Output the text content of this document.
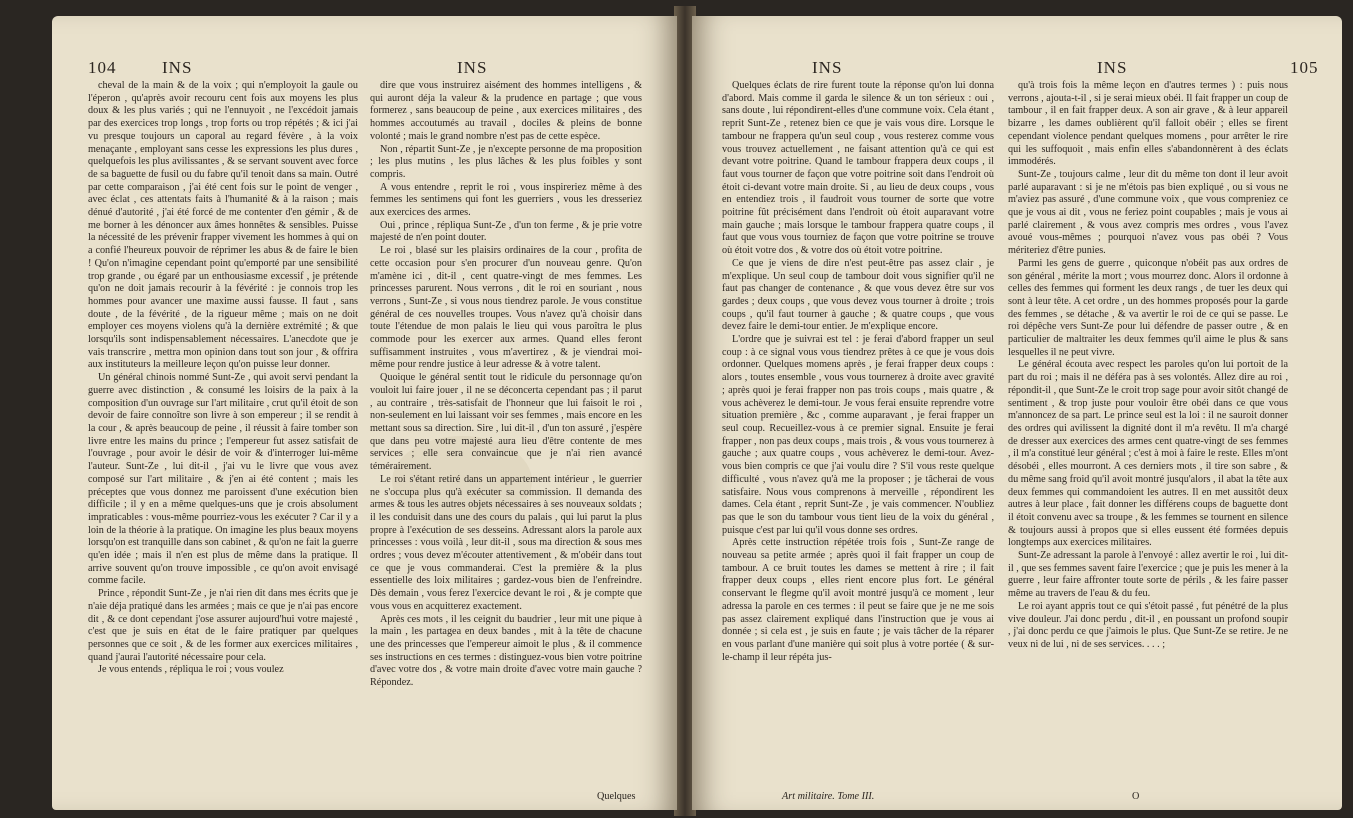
104	INS	INS

cheval de la main & de la voix ; qui n'employoit la gaule ou l'éperon , qu'après avoir recouru cent fois aux moyens les plus doux & les plus variés ; qui ne l'ennuyoit , ne l'excédoit jamais par des exercices trop longs , trop forts ou trop répétés ; & ici j'ai vu presque toujours un caporal au regard févère , à la voix menaçante , employant sans cesse les expressions les plus dures , quelquefois les plus avilissantes , & se servant souvent avec force de sa baguette de fusil ou du fabre qu'il tenoit dans sa main. Outré par cette comparaison , j'ai été cent fois sur le point de venger , avec éclat , ces attentats faits à l'humanité & à la raison ; mais dénué d'autorité , j'ai été forcé de me contenter d'en gémir , & de me borner à les dénoncer aux âmes honnêtes & sensibles. Puisse la nécessité de les prévenir frapper vivement les hommes à qui on a confié l'heureux pouvoir de réprimer les abus & de faire le bien ! Qu'on n'imagine cependant point qu'emporté par une sensibilité trop grande , ou égaré par un enthousiasme excessif , je prétende qu'on ne doit jamais recourir à la févérité : je connois trop les hommes pour avancer une maxime aussi fausse. Il faut , sans doute , de la févérité , de la rigueur même ; mais on ne doit employer ces moyens violens qu'à la dernière extrémité ; & que lorsqu'ils sont indispensablement nécessaires. L'anecdote que je vais transcrire , mettra mon opinion dans tout son jour , & offrira aux instituteurs la meilleure leçon qu'on puisse leur donner.

Un général chinois nommé Sunt-Ze , qui avoit servi pendant la guerre avec distinction , & consumé les loisirs de la paix à la composition d'un ouvrage sur l'art militaire , crut qu'il étoit de son devoir de faire connoître son livre à son empereur ; il se rendit à la cour , & après beaucoup de peine , il réussit à faire tomber son livre entre les mains du prince ; l'empereur fut assez satisfait de l'ouvrage , pour avoir le désir de voir & d'interroger lui-même l'auteur. Sunt-Ze , lui dit-il , j'ai vu le livre que vous avez composé sur l'art militaire , & j'en ai été content ; mais les préceptes que vous donnez me paroissent d'une exécution bien difficile ; il y en a même quelques-uns que je crois absolument impraticables : vous-même pourriez-vous les exécuter ? Car il y a loin de la théorie à la pratique. On imagine les plus beaux moyens lorsqu'on est tranquille dans son cabinet , & qu'on ne fait la guerre qu'en idée ; mais il n'en est plus de même dans la pratique. Il arrive souvent qu'on trouve impossible , ce qu'on avoit envisagé comme facile.

Prince , répondit Sunt-Ze , je n'ai rien dit dans mes écrits que je n'aie déja pratiqué dans les armées ; mais ce que je n'ai pas encore dit , & ce dont cependant j'ose assurer aujourd'hui votre majesté , c'est que je suis en état de le faire pratiquer par quelques personnes que ce soit , & de les former aux exercices militaires , quand j'aurai l'autorité nécessaire pour cela.

Je vous entends , répliqua le roi ; vous voulez

dire que vous instruirez aisément des hommes intelligens , & qui auront déja la valeur & la prudence en partage ; que vous formerez , sans beaucoup de peine , aux exercices militaires , des hommes accoutumés au travail , dociles & pleins de bonne volonté ; mais le grand nombre n'est pas de cette espèce.

Non , répartit Sunt-Ze , je n'excepte personne de ma proposition ; les plus mutins , les plus lâches & les plus foibles y sont compris.

A vous entendre , reprit le roi , vous inspireriez même à des femmes les sentimens qui font les guerriers , vous les dresseriez aux exercices des armes.

Oui , prince , répliqua Sunt-Ze , d'un ton ferme , & je prie votre majesté de n'en point douter.

Le roi , blasé sur les plaisirs ordinaires de la cour , profita de cette occasion pour s'en procurer d'un nouveau genre. Qu'on m'amène ici , dit-il , cent quatre-vingt de mes femmes. Les princesses parurent. Nous verrons , dit le roi en souriant , nous verrons , Sunt-Ze , si vous nous tiendrez parole. Je vous constitue général de ces nouvelles troupes. Vous n'avez qu'à choisir dans toute l'étendue de mon palais le lieu qui vous paroîtra le plus commode pour les exercer aux armes. Quand elles feront suffisamment instruites , vous m'avertirez , & je viendrai moi-même pour rendre justice à leur adresse & à votre talent.

Quoique le général sentit tout le ridicule du personnage qu'on vouloit lui faire jouer , il ne se déconcerta cependant pas ; il parut , au contraire , très-satisfait de l'honneur que lui faisoit le roi , non-seulement en lui laissant voir ses femmes , mais encore en les mettant sous sa direction. Sire , lui dit-il , d'un ton assuré , j'espère que dans peu votre majesté aura lieu d'être contente de mes services ; elle sera convaincue que je n'ai rien avancé témérairement.

Le roi s'étant retiré dans un appartement intérieur , le guerrier ne s'occupa plus qu'à exécuter sa commission. Il demanda des armes & tous les autres objets nécessaires à ses nouveaux soldats ; il les conduisit dans une des cours du palais , qui lui parut la plus propre à l'exécution de ses desseins. Adressant alors la parole aux princesses : vous voilà , leur dit-il , sous ma direction & sous mes ordres ; vous devez m'écouter attentivement , & m'obéir dans tout ce que je vous commanderai. C'est la première & la plus essentielle des loix militaires ; gardez-vous bien de l'enfreindre. Dès demain , vous ferez l'exercice devant le roi , & je compte que vous vous en acquitterez exactement.

Après ces mots , il les ceignit du baudrier , leur mit une pique à la main , les partagea en deux bandes , mit à la tête de chacune une des princesses que l'empereur aimoit le plus , & il commence ses instructions en ces termes : distinguez-vous bien votre poitrine d'avec votre dos , & votre main droite d'avec votre main gauche ? Répondez.

Quelques
INS	INS	105

Quelques éclats de rire furent toute la réponse qu'on lui donna d'abord. Mais comme il garda le silence & un ton sérieux : oui , sans doute , lui répondirent-elles d'une commune voix. Cela étant , reprit Sunt-Ze , retenez bien ce que je vais vous dire. Lorsque le tambour ne frappera qu'un seul coup , vous resterez comme vous vous trouvez actuellement , ne faisant attention qu'à ce qui est devant votre poitrine. Quand le tambour frappera deux coups , il faut vous tourner de façon que votre poitrine soit dans l'endroit où étoit ci-devant votre main droite. Si , au lieu de deux coups , vous en entendiez trois , il faudroit vous tourner de sorte que votre poitrine fût précisément dans l'endroit où étoit auparavant votre main gauche ; mais lorsque le tambour frappera quatre coups , il faut que vous vous tourniez de façon que votre poitrine se trouve où étoit votre dos , & votre dos où étoit votre poitrine.

Ce que je viens de dire n'est peut-être pas assez clair , je m'explique. Un seul coup de tambour doit vous signifier qu'il ne faut pas changer de contenance , & que vous devez être sur vos gardes ; deux coups , que vous devez vous tourner à droite ; trois coups , qu'il faut tourner à gauche ; & quatre coups , que vous devez faire le demi-tour entier. Je m'explique encore.

L'ordre que je suivrai est tel : je ferai d'abord frapper un seul coup : à ce signal vous vous tiendrez prêtes à ce que je vous dois ordonner. Quelques momens après , je ferai frapper deux coups : alors , toutes ensemble , vous vous tournerez à droite avec gravité ; après quoi je ferai frapper non pas trois coups , mais quatre , & vous achèverez le demi-tour. Je vous ferai ensuite reprendre votre situation première , &c , comme auparavant , je ferai frapper un seul coup. Recueillez-vous à ce premier signal. Ensuite je ferai frapper , non pas deux coups , mais trois , & vous vous tournerez à gauche ; aux quatre coups , vous achèverez le demi-tour. Avez-vous bien compris ce que j'ai voulu dire ? S'il vous reste quelque difficulté , vous n'avez qu'à me la proposer ; je tâcherai de vous satisfaire. Nous vous comprenons à merveille , répondirent les dames. Cela étant , reprit Sunt-Ze , je vais commencer. N'oubliez pas que le son du tambour vous tient lieu de la voix du général , puisque c'est par lui qu'il vous donne ses ordres.

Après cette instruction répétée trois fois , Sunt-Ze range de nouveau sa petite armée ; après quoi il fait frapper un coup de tambour. A ce bruit toutes les dames se mettent à rire ; il fait frapper deux coups , elles rient encore plus fort. Le général conservant le flegme qu'il avoit montré jusqu'à ce moment , leur adressa la parole en ces termes : il peut se faire que je ne me sois pas assez clairement expliqué dans l'instruction que je vous ai donnée ; si cela est , je suis en faute ; je vais tâcher de la réparer en vous parlant d'une manière qui soit plus à votre portée ( & sur-le-champ il leur répéta jus-

qu'à trois fois la même leçon en d'autres termes ) : puis nous verrons , ajouta-t-il , si je serai mieux obéi. Il fait frapper un coup de tambour , il en fait frapper deux. A son air grave , & à leur appareil bizarre , les dames oublièrent qu'il falloit obéir ; elles se firent cependant violence pendant quelques momens , pour arrêter le rire qui les suffoquoit , mais enfin elles s'abandonnèrent à des éclats immodérés.

Sunt-Ze , toujours calme , leur dit du même ton dont il leur avoit parlé auparavant : si je ne m'étois pas bien expliqué , ou si vous ne m'aviez pas assuré , d'une commune voix , que vous compreniez ce que je vous ai dit , vous ne feriez point coupables ; mais je vous ai parlé clairement , & vous avez compris mes ordres , vous l'avez avoué vous-mêmes ; pourquoi n'avez vous pas obéi ? Vous mériteriez d'être punies.

Parmi les gens de guerre , quiconque n'obéit pas aux ordres de son général , mérite la mort ; vous mourrez donc. Alors il ordonne à celles des femmes qui forment les deux rangs , de tuer les deux qui sont à leur tête. A cet ordre , un des hommes proposés pour la garde des femmes , se détache , & va avertir le roi de ce qui se passe. Le roi dépêche vers Sunt-Ze pour lui défendre de passer outre , & en particulier de maltraiter les deux femmes qu'il aime le plus & sans lesquelles il ne peut vivre.

Le général écouta avec respect les paroles qu'on lui portoit de la part du roi ; mais il ne déféra pas à ses volontés. Allez dire au roi , répondit-il , que Sunt-Ze le croit trop sage pour avoir sitôt changé de sentiment , & trop juste pour vouloir être obéi dans ce que vous m'annoncez de sa part. Le prince seul est la loi : il ne sauroit donner des ordres qui avilissent la dignité dont il m'a revêtu. Il m'a chargé de dresser aux exercices des armes cent quatre-vingt de ses femmes , il m'a constitué leur général ; c'est à moi à faire le reste. Elles m'ont désobéi , elles mourront. A ces derniers mots , il tire son sabre , & du même sang froid qu'il avoit montré jusqu'alors , il abat la tête aux deux femmes qui commandoient les autres. Il en met aussitôt deux autres à leur place , fait donner les différens coups de baguette dont il étoit convenu avec sa troupe , & les femmes se tournent en silence & toujours aussi à propos que si elles eussent été formées depuis longtemps aux exercices militaires.

Sunt-Ze adressant la parole à l'envoyé : allez avertir le roi , lui dit-il , que ses femmes savent faire l'exercice ; que je puis les mener à la guerre , leur faire affronter toute sorte de périls , & les faire passer même au travers de l'eau & du feu.

Le roi ayant appris tout ce qui s'étoit passé , fut pénétré de la plus vive douleur. J'ai donc perdu , dit-il , en poussant un profond soupir , j'ai donc perdu ce que j'aimois le plus. Que Sunt-Ze se retire. Je ne veux ni de lui , ni de ses services. . . . ;

Art militaire. Tome III.	O
